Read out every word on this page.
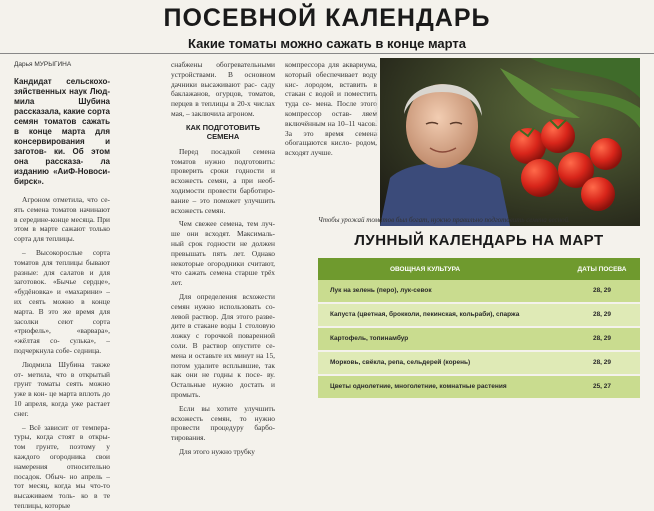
ПОСЕВНОЙ КАЛЕНДАРЬ
Какие томаты можно сажать в конце марта
Дарья МУРЫГИНА

Кандидат сельскохо- зяйственных наук Люд- мила Шубина рассказала, какие сорта семян томатов сажать в конце марта для консервирования и заготов- ки. Об этом она рассказа- ла изданию «АиФ-Новоси- бирск».

Агроном отметила, что се- ять семена томатов начинают в середине-конце месяца. При этом в марте сажают только сорта для теплицы.

– Высокорослые сорта томатов для теплицы бывают разные: для салатов и для заготовок. «Бычье сердце», «будёновка» и «махарини» – их сеять можно в конце марта. В это же время для засолки сеют сорта «трюфель», «варвара», «жёлтая со- сулька», – подчеркнула собе- седница.

Людмила Шубина также от- метила, что в открытый грунт томаты сеять можно уже в кон- це марта вплоть до 10 апреля, когда уже растает снег.

– Всё зависит от темпера- туры, когда стоят в откры- том грунте, поэтому у каждого огородника свои намерения относительно посадок. Обыч- но апрель – тот месяц, когда мы что-то высаживаем толь- ко в те теплицы, которые

снабжены обогревательными устройствами. В основном дачники высаживают рас- саду баклажанов, огурцов, томатов, перцев в теплицы в 20-х числах мая, – заключила агроном.

КАК ПОДГОТОВИТЬ СЕМЕНА

Перед посадкой семена томатов нужно подготовить: проверить сроки годности и всхожесть семян, а при необ- ходимости провести барботиро- вание – это поможет улучшить всхожесть семян.

Чем свежее семена, тем луч- ше они всходят. Максималь- ный срок годности не должен превышать пять лет. Однако некоторые огородники считают, что сажать семена старше трёх лет.

Для определения всхожести семян нужно использовать со- левой раствор. Для этого разве- дите в стакане воды 1 столовую ложку с горочкой поваренной соли. В раствор опустите се- мена и оставьте их минут на 15, потом удалите всплывшие, так как они не годны к посе- ву. Остальные нужно достать и промыть.

Если вы хотите улучшить всхожесть семян, то нужно провести процедуру барбо- тирования.

Для этого нужно трубку

компрессора для аквариума, который обеспечивает воду кис- лородом, вставить в стакан с водой и поместить туда се- мена. После этого компрессор остав- ляем включённым на 10–11 часов. За это время семена обогащаются кисло- родом, всходят лучше.

Фото: Анна Волков
Чтобы урожай томатов был богат, нужно правильно подготовить семена весной.
ЛУННЫЙ КАЛЕНДАРЬ НА МАРТ
ОВОЩНАЯ КУЛЬТУРА	ДАТЫ ПОСЕВА
Лук на зелень (перо), лук-севок	28, 29
Капуста (цветная, брокколи, пекинская, кольраби), спаржа	28, 29
Картофель, топинамбур	28, 29
Морковь, свёкла, репа, сельдерей (корень)	28, 29
Цветы однолетние, многолетние, комнатные растения	25, 27
